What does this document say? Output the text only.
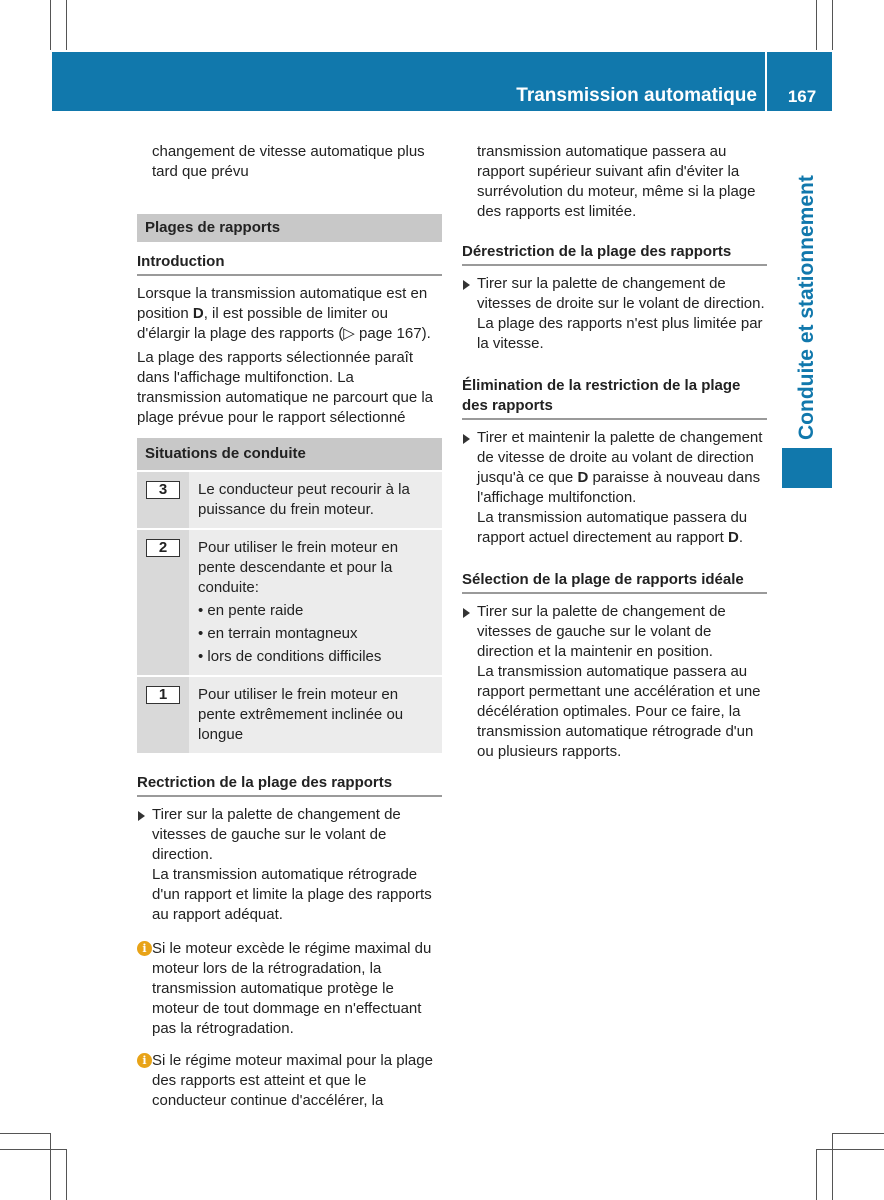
Transmission automatique	167
Conduite et stationnement

changement de vitesse automatique plus tard que prévu

Plages de rapports
Introduction

Lorsque la transmission automatique est en position D, il est possible de limiter ou d'élargir la plage des rapports (▷ page 167).

La plage des rapports sélectionnée paraît dans l'affichage multifonction. La transmission automatique ne parcourt que la plage prévue pour le rapport sélectionné

Situations de conduite
3	Le conducteur peut recourir à la puissance du frein moteur.
2	Pour utiliser le frein moteur en pente descendante et pour la conduite:
• en pente raide
• en terrain montagneux
• lors de conditions difficiles
1	Pour utiliser le frein moteur en pente extrêmement inclinée ou longue
Rectriction de la plage des rapports
Tirer sur la palette de changement de vitesses de gauche sur le volant de direction.

La transmission automatique rétrograde d'un rapport et limite la plage des rapports au rapport adéquat.

i Si le moteur excède le régime maximal du moteur lors de la rétrogradation, la transmission automatique protège le moteur de tout dommage en n'effectuant pas la rétrogradation.
i Si le régime moteur maximal pour la plage des rapports est atteint et que le conducteur continue d'accélérer, la

transmission automatique passera au rapport supérieur suivant afin d'éviter la surrévolution du moteur, même si la plage des rapports est limitée.

Dérestriction de la plage des rapports
Tirer sur la palette de changement de vitesses de droite sur le volant de direction.

La plage des rapports n'est plus limitée par la vitesse.

Élimination de la restriction de la plage des rapports
Tirer et maintenir la palette de changement de vitesse de droite au volant de direction jusqu'à ce que D paraisse à nouveau dans l'affichage multifonction.

La transmission automatique passera du rapport actuel directement au rapport D.

Sélection de la plage de rapports idéale
Tirer sur la palette de changement de vitesses de gauche sur le volant de direction et la maintenir en position.

La transmission automatique passera au rapport permettant une accélération et une décélération optimales. Pour ce faire, la transmission automatique rétrograde d'un ou plusieurs rapports.
